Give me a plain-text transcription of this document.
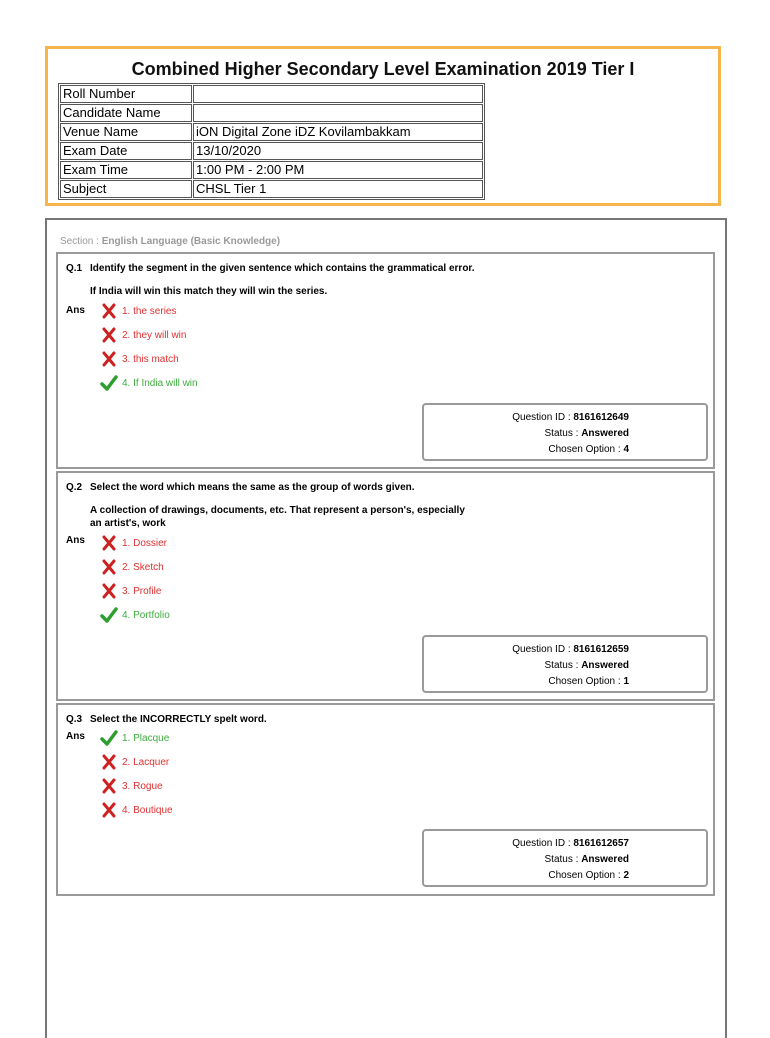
Combined Higher Secondary Level Examination 2019 Tier I
Roll Number	
Candidate Name	
Venue Name	iON Digital Zone iDZ Kovilambakkam
Exam Date	13/10/2020
Exam Time	1:00 PM - 2:00 PM
Subject	CHSL Tier 1
Section : English Language (Basic Knowledge)
Q.1 Identify the segment in the given sentence which contains the grammatical error.
If India will win this match they will win the series.
Ans	1. the series
2. they will win
3. this match
4. If India will win
Question ID : 8161612649
Status : Answered
Chosen Option : 4
Q.2 Select the word which means the same as the group of words given.
A collection of drawings, documents, etc. That represent a person's, especially an artist's, work
Ans	1. Dossier
2. Sketch
3. Profile
4. Portfolio
Question ID : 8161612659
Status : Answered
Chosen Option : 1
Q.3 Select the INCORRECTLY spelt word.
Ans	1. Placque
2. Lacquer
3. Rogue
4. Boutique
Question ID : 8161612657
Status : Answered
Chosen Option : 2
